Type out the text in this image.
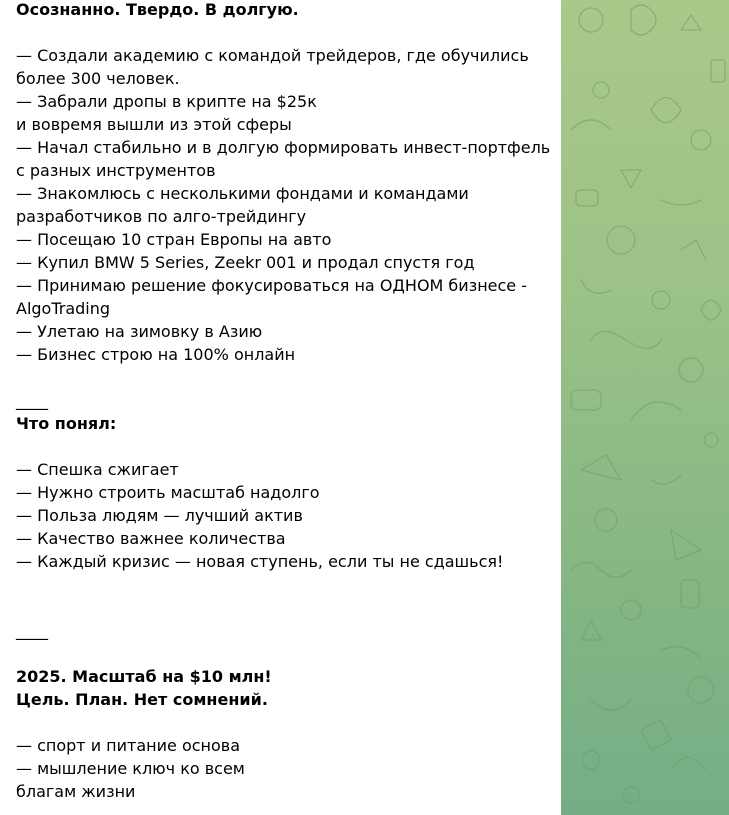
Осознанно. Твердо. В долгую.
— Создали академию с командой трейдеров, где обучились
более 300 человек.
— Забрали дропы в крипте на $25к
и вовремя вышли из этой сферы
— Начал стабильно и в долгую формировать инвест-портфель
с разных инструментов
— Знакомлюсь с несколькими фондами и командами
разработчиков по алго-трейдингу
— Посещаю 10 стран Европы на авто
— Купил BMW 5 Series, Zeekr 001 и продал спустя год
— Принимаю решение фокусироваться на ОДНОМ бизнесе -
AlgoTrading
— Улетаю на зимовку в Азию
— Бизнес строю на 100% онлайн
____
Что понял:
— Спешка сжигает
— Нужно строить масштаб надолго
— Польза людям — лучший актив
— Качество важнее количества
— Каждый кризис — новая ступень, если ты не сдашься!
____
2025. Масштаб на $10 млн!
Цель. План. Нет сомнений.
— спорт и питание основа
— мышление ключ ко всем
благам жизни
